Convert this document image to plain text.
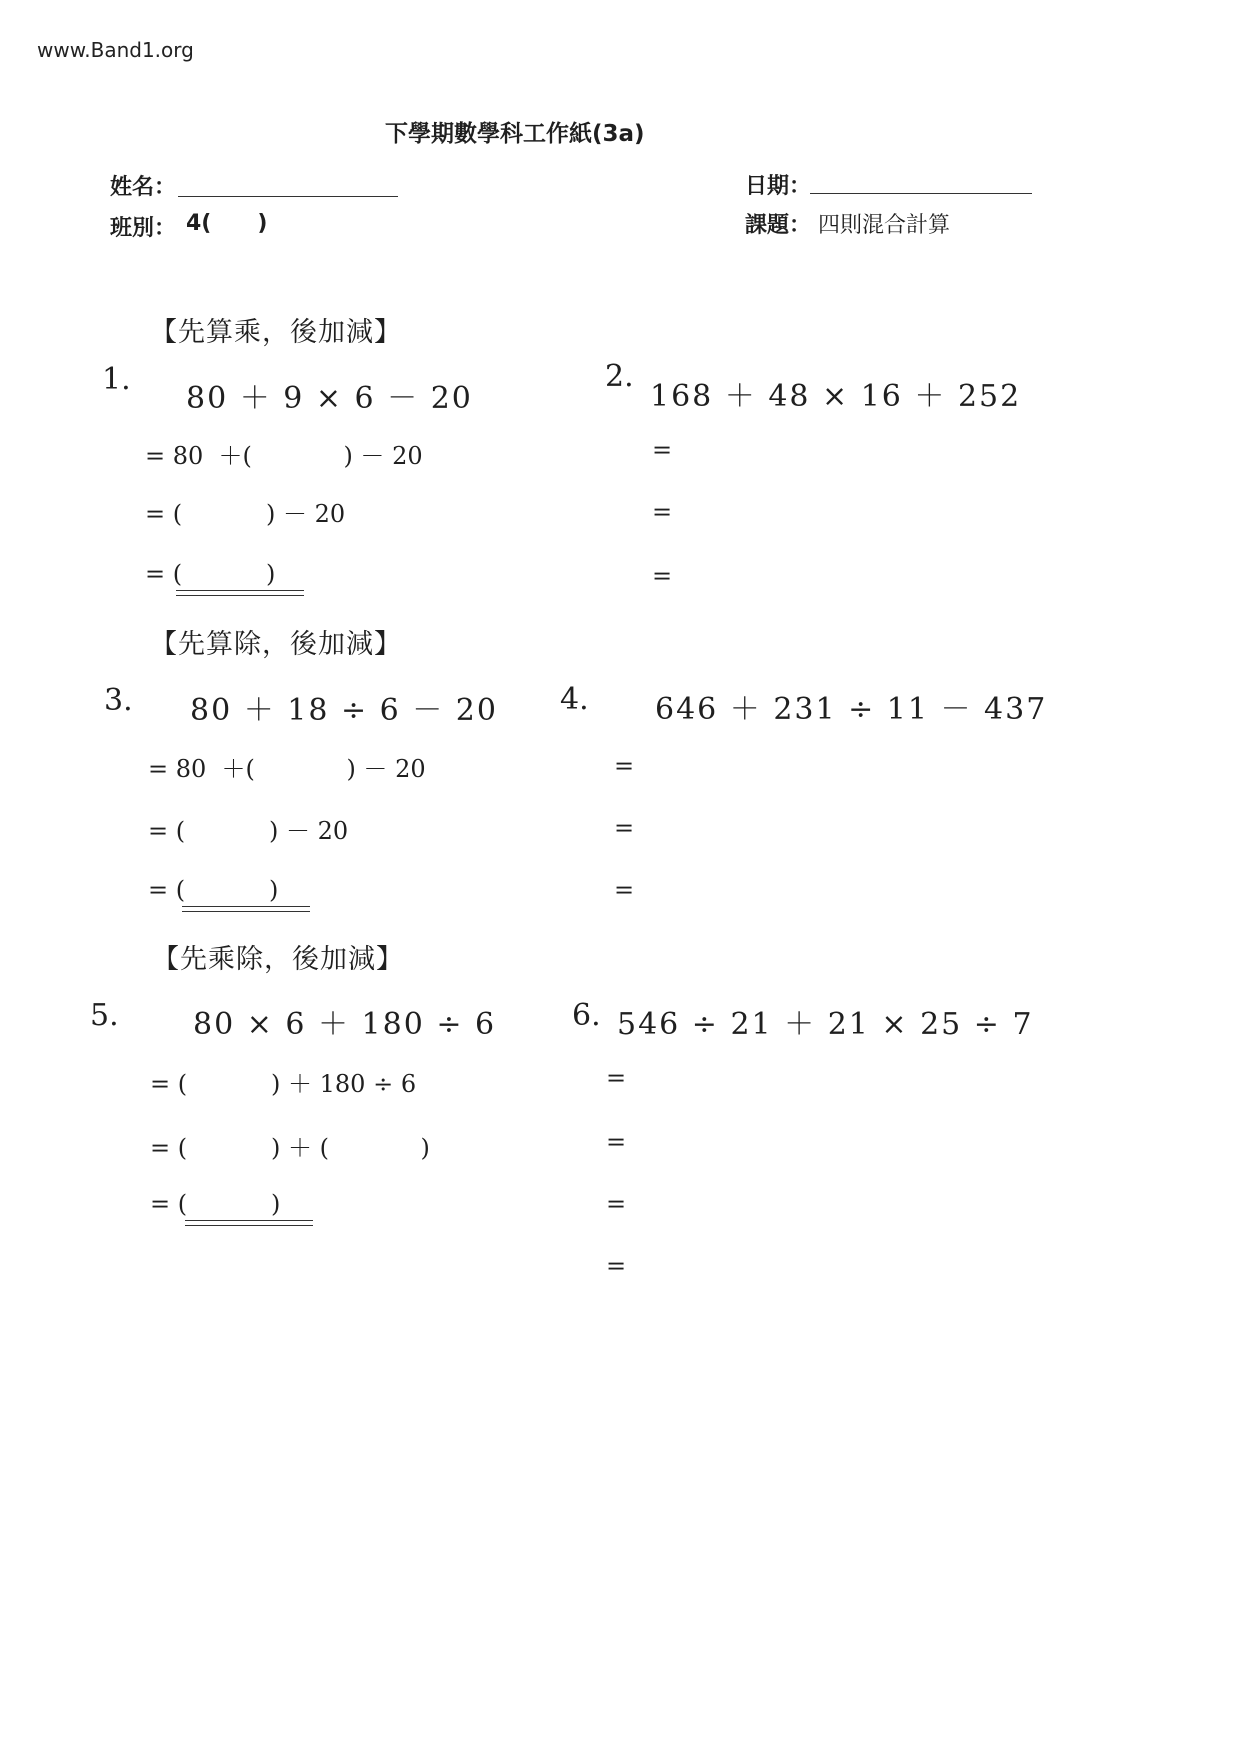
www.Band1.org
下學期數學科工作紙(3a)
姓名：
班別： 4(      )
日期：
課題： 四則混合計算
【先算乘，後加減】
1.
80 ＋ 9 × 6 － 20
= 80  ＋(            ) － 20
= (           ) － 20
= (           )
2.
168 ＋ 48 × 16 ＋ 252
=
=
=
【先算除，後加減】
3. 80 ＋ 18 ÷ 6 － 20
= 80  ＋(            ) － 20
= (           ) － 20
= (           )
4. 646 ＋ 231 ÷ 11 － 437
=
=
=
【先乘除，後加減】
5. 80 × 6 ＋ 180 ÷ 6
= (           ) ＋ 180 ÷ 6
= (           ) ＋ (            )
= (           )
6. 546 ÷ 21 ＋ 21 × 25 ÷ 7
=
=
=
=
